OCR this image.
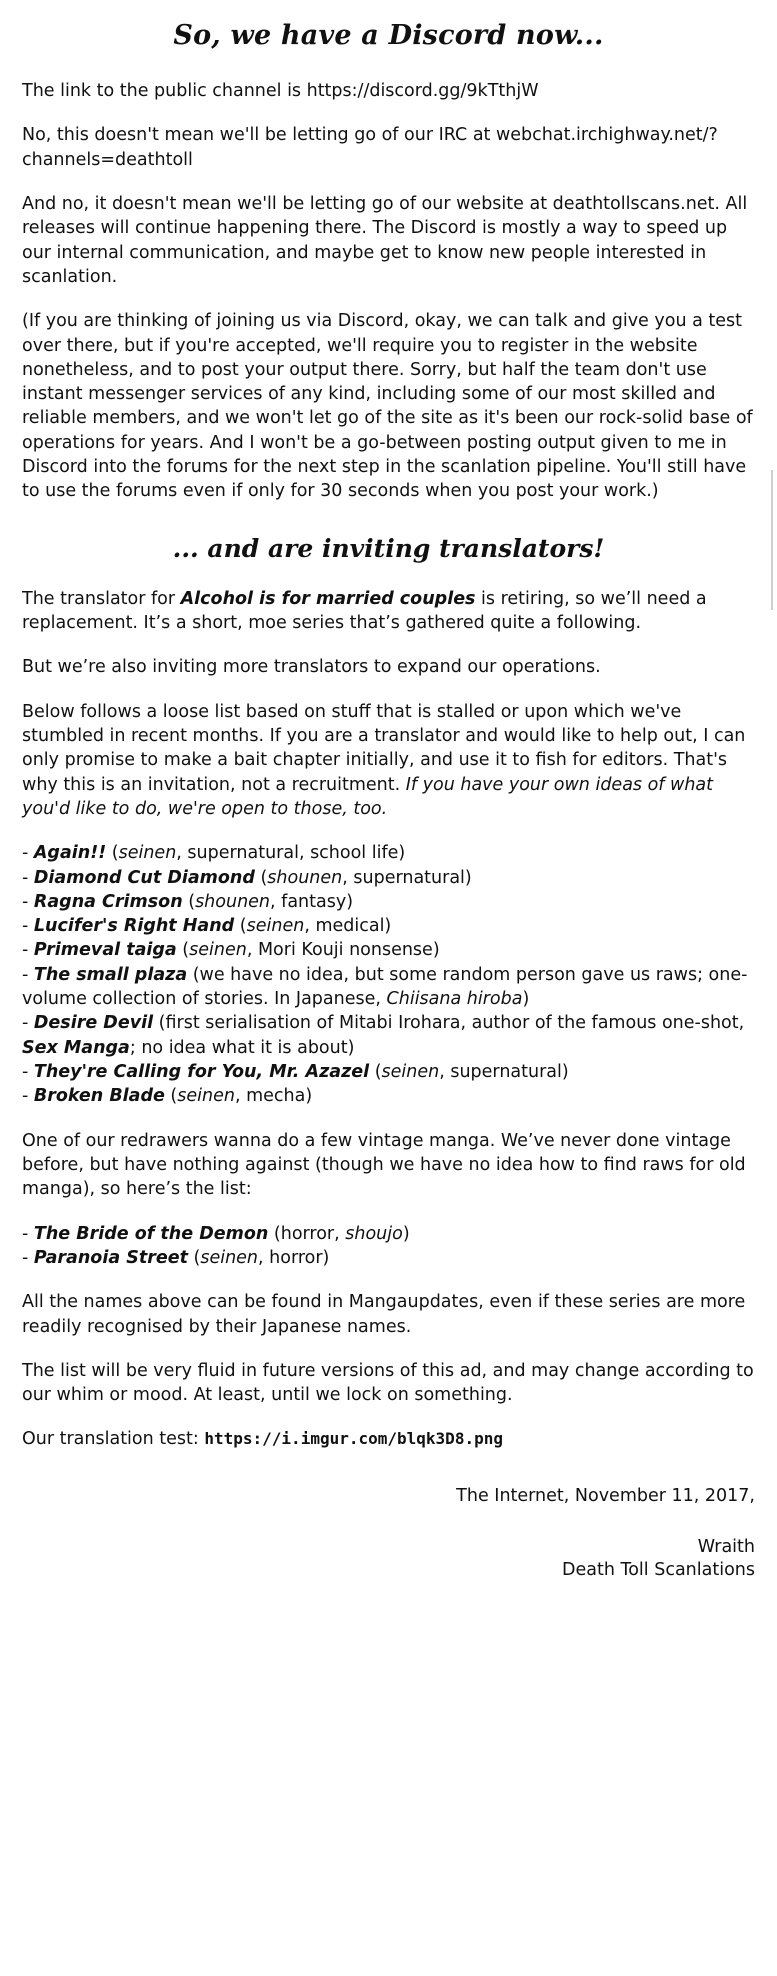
So, we have a Discord now...

The link to the public channel is https://discord.gg/9kTthjW

No, this doesn't mean we'll be letting go of our IRC at webchat.irchighway.net/?channels=deathtoll

And no, it doesn't mean we'll be letting go of our website at deathtollscans.net. All releases will continue happening there. The Discord is mostly a way to speed up our internal communication, and maybe get to know new people interested in scanlation.

(If you are thinking of joining us via Discord, okay, we can talk and give you a test over there, but if you're accepted, we'll require you to register in the website nonetheless, and to post your output there. Sorry, but half the team don't use instant messenger services of any kind, including some of our most skilled and reliable members, and we won't let go of the site as it's been our rock-solid base of operations for years. And I won't be a go-between posting output given to me in Discord into the forums for the next step in the scanlation pipeline. You'll still have to use the forums even if only for 30 seconds when you post your work.)

... and are inviting translators!

The translator for Alcohol is for married couples is retiring, so we’ll need a replacement. It’s a short, moe series that’s gathered quite a following.

But we’re also inviting more translators to expand our operations.

Below follows a loose list based on stuff that is stalled or upon which we've stumbled in recent months. If you are a translator and would like to help out, I can only promise to make a bait chapter initially, and use it to fish for editors. That's why this is an invitation, not a recruitment. If you have your own ideas of what you'd like to do, we're open to those, too.

- Again!! (seinen, supernatural, school life)

- Diamond Cut Diamond (shounen, supernatural)

- Ragna Crimson (shounen, fantasy)

- Lucifer's Right Hand (seinen, medical)

- Primeval taiga (seinen, Mori Kouji nonsense)

- The small plaza (we have no idea, but some random person gave us raws; one-volume collection of stories. In Japanese, Chiisana hiroba)

- Desire Devil (first serialisation of Mitabi Irohara, author of the famous one-shot, Sex Manga; no idea what it is about)

- They're Calling for You, Mr. Azazel (seinen, supernatural)

- Broken Blade (seinen, mecha)

One of our redrawers wanna do a few vintage manga. We’ve never done vintage before, but have nothing against (though we have no idea how to find raws for old manga), so here’s the list:

- The Bride of the Demon (horror, shoujo)

- Paranoia Street (seinen, horror)

All the names above can be found in Mangaupdates, even if these series are more readily recognised by their Japanese names.

The list will be very fluid in future versions of this ad, and may change according to our whim or mood. At least, until we lock on something.

Our translation test: https://i.imgur.com/blqk3D8.png

The Internet, November 11, 2017,

Wraith

Death Toll Scanlations
